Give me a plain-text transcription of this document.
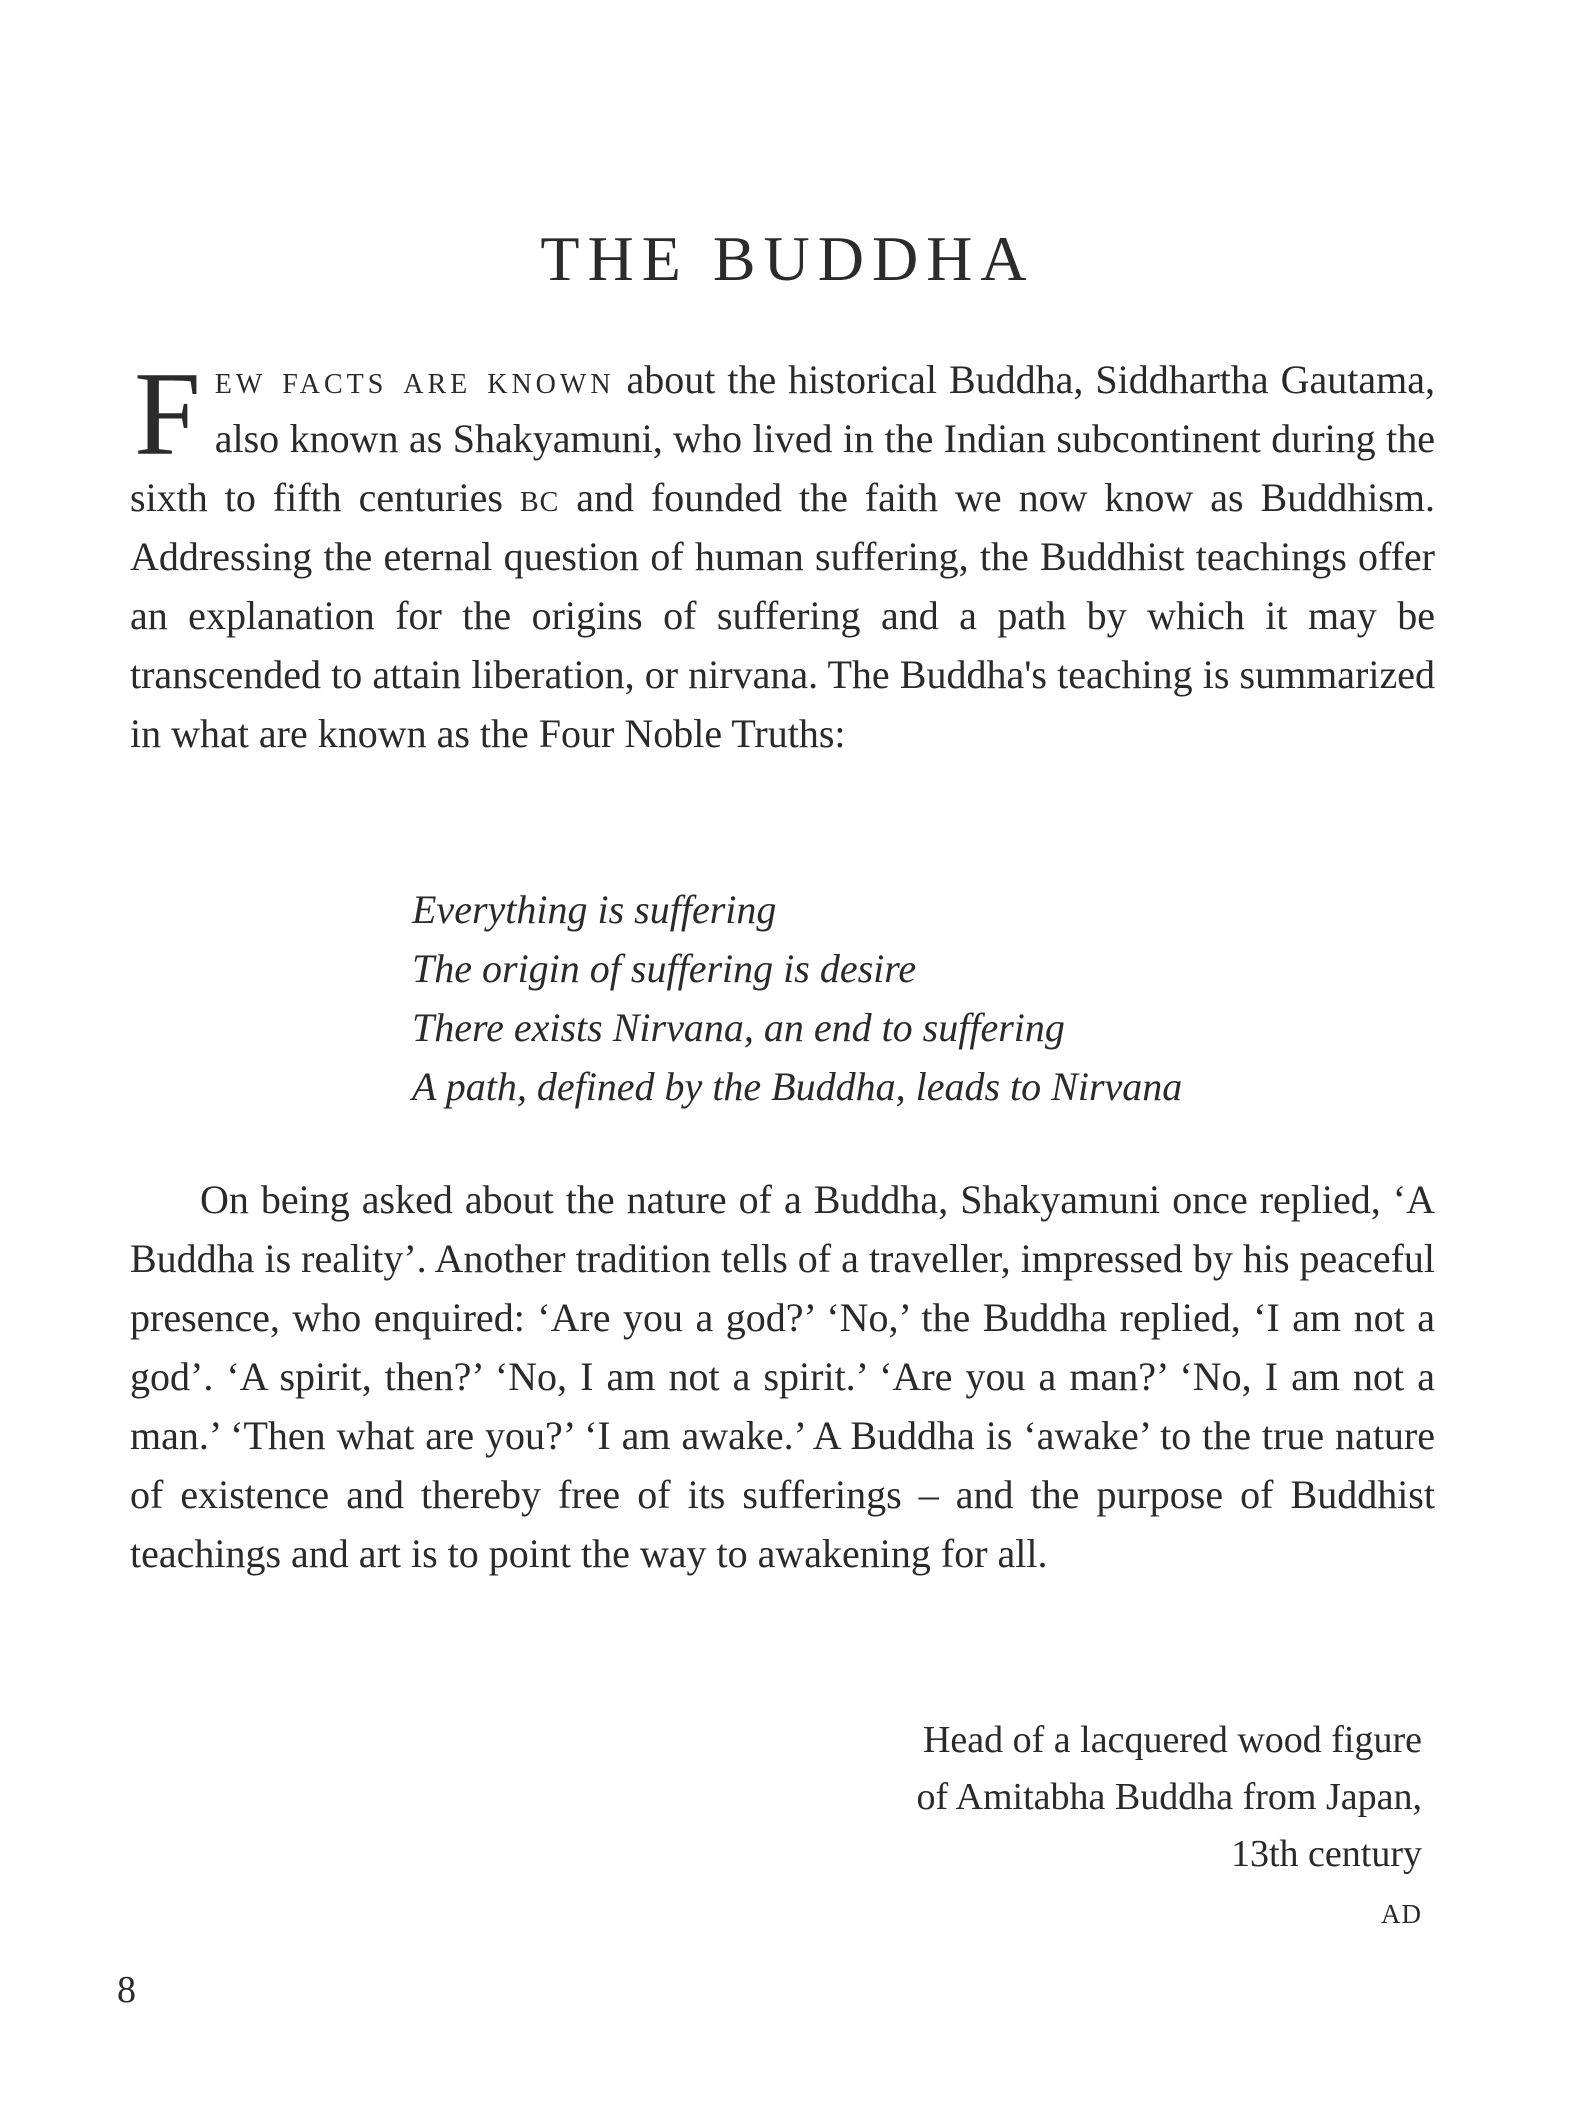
THE BUDDHA

Few facts are known about the historical Buddha, Siddhartha Gautama, also known as Shakyamuni, who lived in the Indian subcontinent during the sixth to fifth centuries bc and founded the faith we now know as Buddhism. Addressing the eternal question of human suffering, the Buddhist teachings offer an explanation for the origins of suffering and a path by which it may be transcended to attain liberation, or nirvana. The Buddha's teaching is summarized in what are known as the Four Noble Truths:

Everything is suffering
The origin of suffering is desire
There exists Nirvana, an end to suffering
A path, defined by the Buddha, leads to Nirvana

On being asked about the nature of a Buddha, Shakyamuni once replied, ‘A Buddha is reality’. Another tradition tells of a traveller, impressed by his peaceful presence, who enquired: ‘Are you a god?’ ‘No,’ the Buddha replied, ‘I am not a god’. ‘A spirit, then?’ ‘No, I am not a spirit.’ ‘Are you a man?’ ‘No, I am not a man.’ ‘Then what are you?’ ‘I am awake.’ A Buddha is ‘awake’ to the true nature of existence and thereby free of its sufferings – and the purpose of Buddhist teachings and art is to point the way to awakening for all.

Head of a lacquered wood figure
of Amitabha Buddha from Japan,
13th century
ad

8
